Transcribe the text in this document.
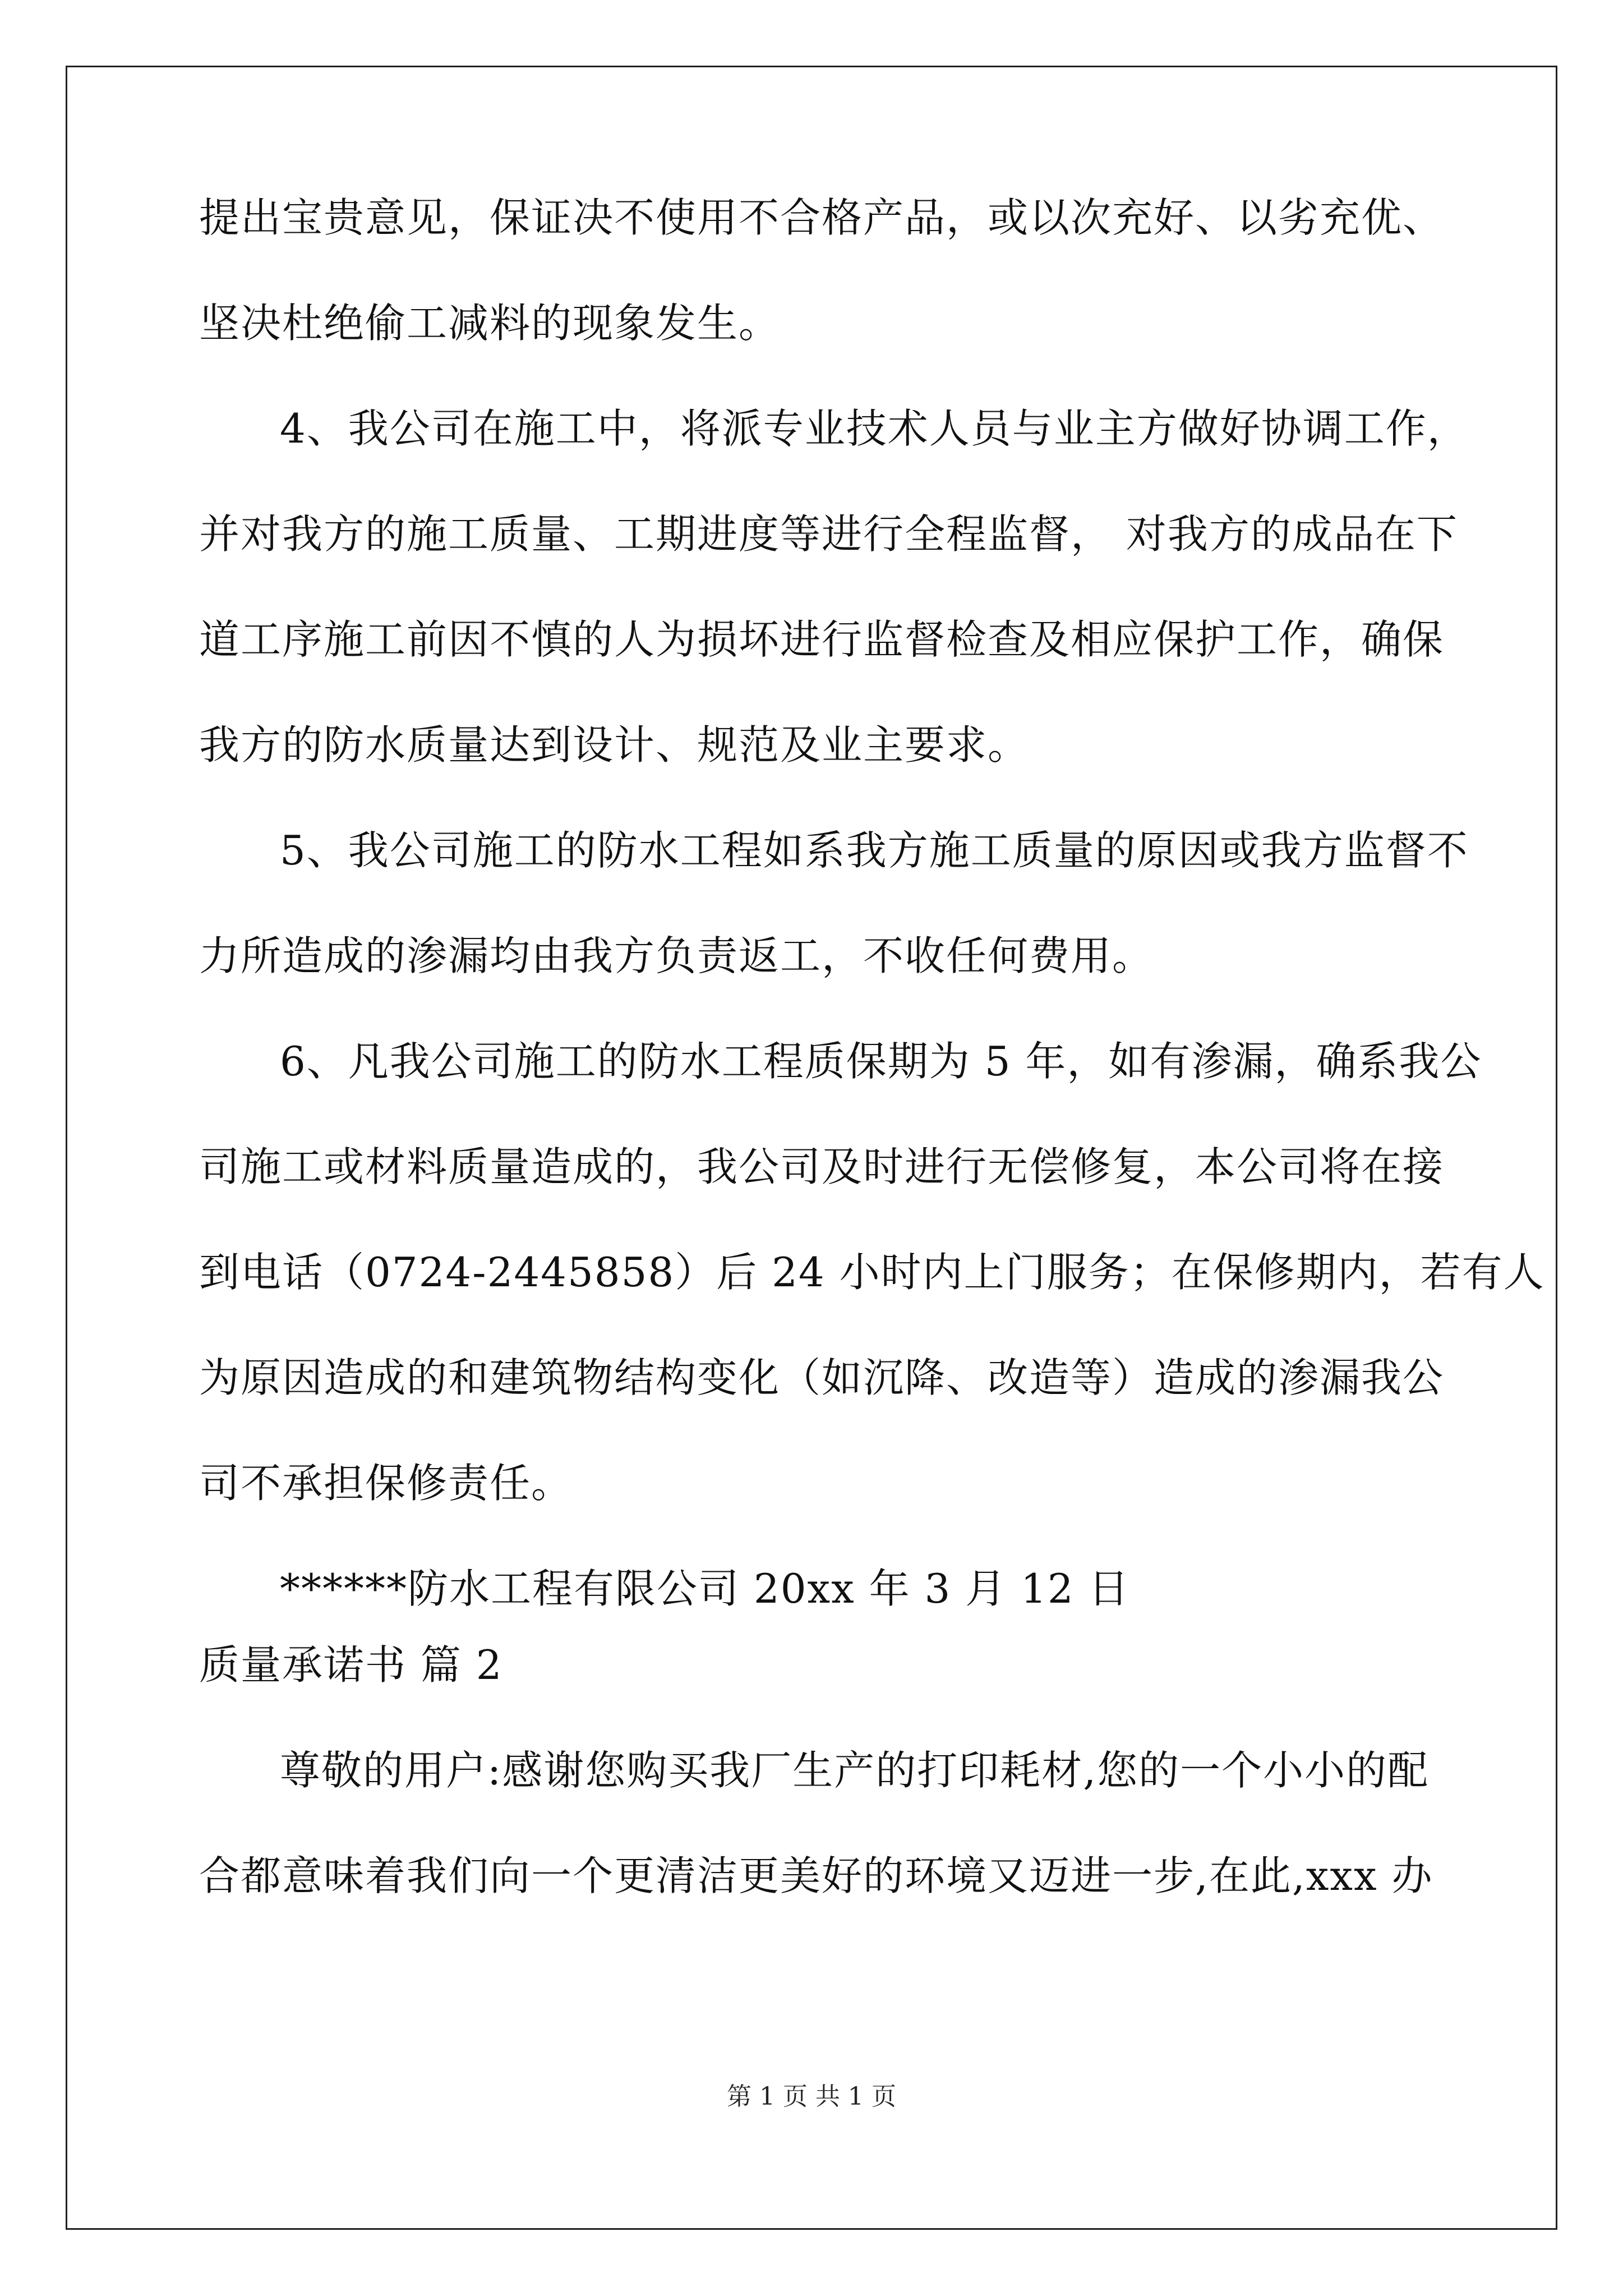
提出宝贵意见，保证决不使用不合格产品，或以次充好、以劣充优、

坚决杜绝偷工减料的现象发生。

4、我公司在施工中，将派专业技术人员与业主方做好协调工作，

并对我方的施工质量、工期进度等进行全程监督， 对我方的成品在下

道工序施工前因不慎的人为损坏进行监督检查及相应保护工作，确保

我方的防水质量达到设计、规范及业主要求。

5、我公司施工的防水工程如系我方施工质量的原因或我方监督不

力所造成的渗漏均由我方负责返工，不收任何费用。

6、凡我公司施工的防水工程质保期为 5 年，如有渗漏，确系我公

司施工或材料质量造成的，我公司及时进行无偿修复，本公司将在接

到电话（0724-2445858）后 24 小时内上门服务；在保修期内，若有人

为原因造成的和建筑物结构变化（如沉降、改造等）造成的渗漏我公

司不承担保修责任。

******防水工程有限公司 20xx 年 3 月 12 日

质量承诺书 篇 2

尊敬的用户:感谢您购买我厂生产的打印耗材,您的一个小小的配

合都意味着我们向一个更清洁更美好的环境又迈进一步,在此,xxx 办

第 1 页 共 1 页
